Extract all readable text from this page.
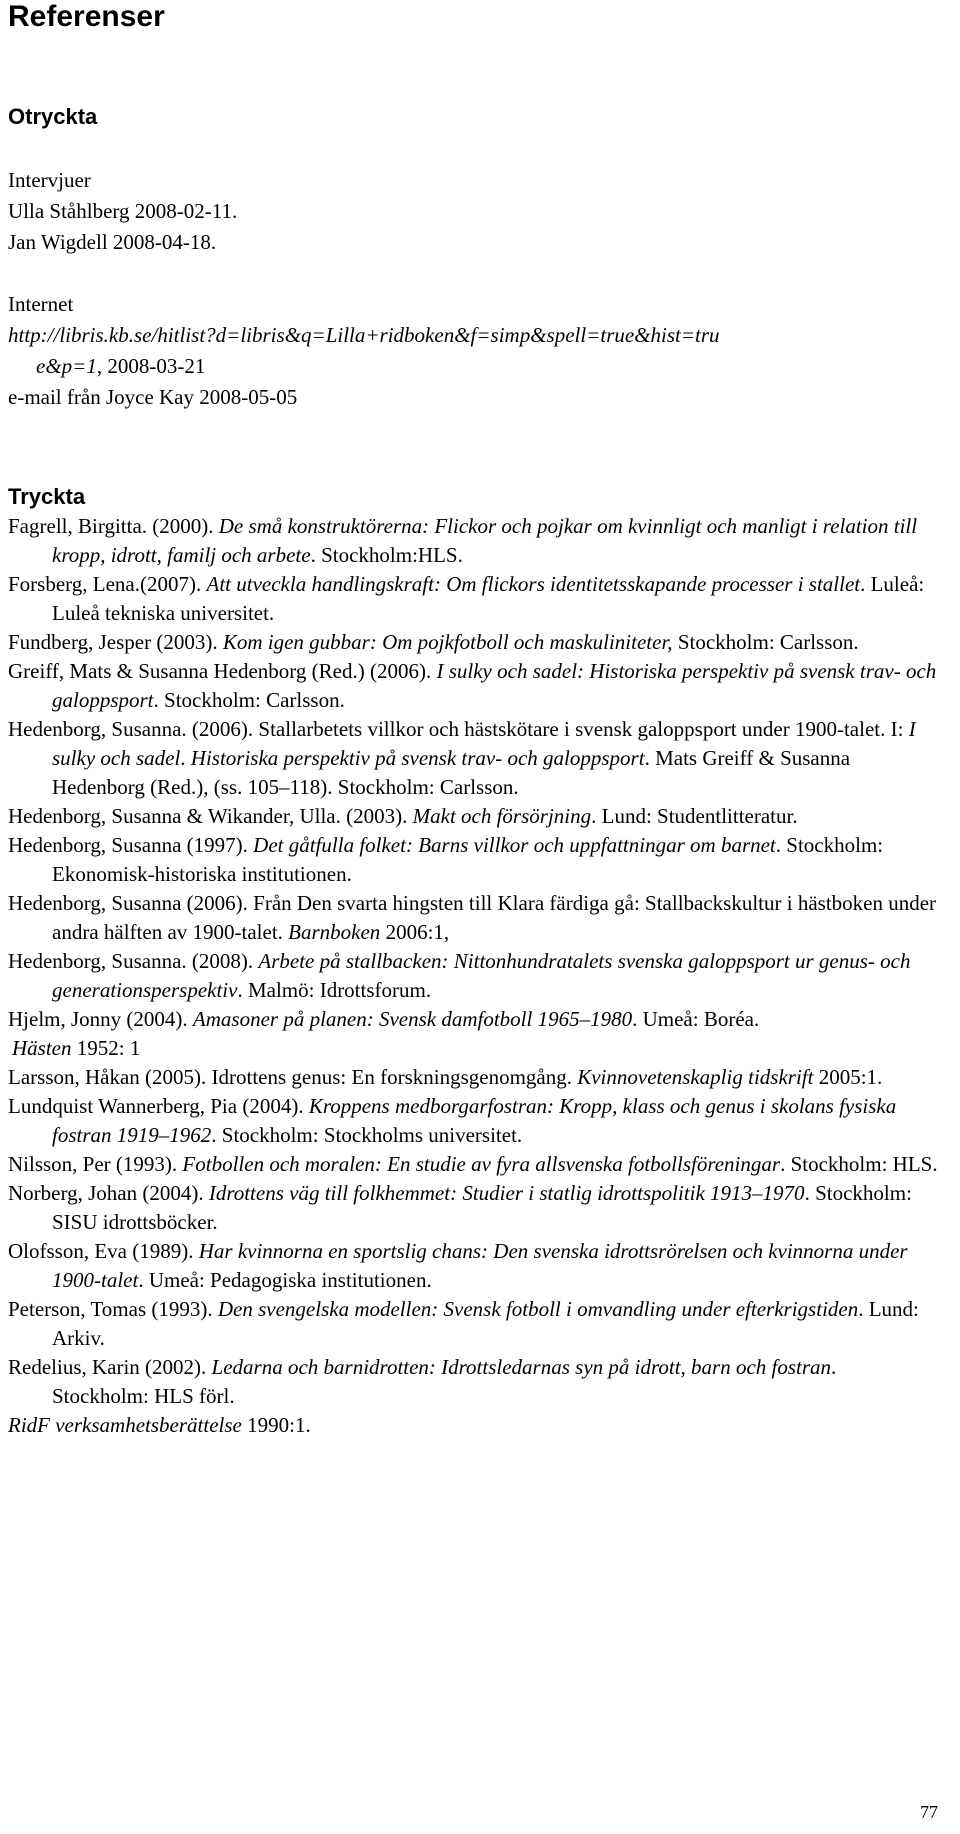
Referenser
Otryckta
Intervjuer
Ulla Ståhlberg 2008-02-11.
Jan Wigdell 2008-04-18.
Internet
http://libris.kb.se/hitlist?d=libris&q=Lilla+ridboken&f=simp&spell=true&hist=tru
e&p=1, 2008-03-21
e-mail från Joyce Kay 2008-05-05
Tryckta

Fagrell, Birgitta. (2000). De små konstruktörerna: Flickor och pojkar om kvinnligt och manligt i relation till kropp, idrott, familj och arbete. Stockholm:HLS.

Forsberg, Lena.(2007). Att utveckla handlingskraft: Om flickors identitetsskapande processer i stallet. Luleå: Luleå tekniska universitet.

Fundberg, Jesper (2003). Kom igen gubbar: Om pojkfotboll och maskuliniteter, Stockholm: Carlsson.

Greiff, Mats & Susanna Hedenborg (Red.) (2006). I sulky och sadel: Historiska perspektiv på svensk trav- och galoppsport. Stockholm: Carlsson.

Hedenborg, Susanna. (2006). Stallarbetets villkor och hästskötare i svensk galoppsport under 1900-talet. I: I sulky och sadel. Historiska perspektiv på svensk trav- och galoppsport. Mats Greiff & Susanna Hedenborg (Red.), (ss. 105–118). Stockholm: Carlsson.

Hedenborg, Susanna & Wikander, Ulla. (2003). Makt och försörjning. Lund: Studentlitteratur.

Hedenborg, Susanna (1997). Det gåtfulla folket: Barns villkor och uppfattningar om barnet. Stockholm: Ekonomisk-historiska institutionen.

Hedenborg, Susanna (2006). Från Den svarta hingsten till Klara färdiga gå: Stallbackskultur i hästboken under andra hälften av 1900-talet. Barnboken 2006:1,

Hedenborg, Susanna. (2008). Arbete på stallbacken: Nittonhundratalets svenska galoppsport ur genus- och generationsperspektiv. Malmö: Idrottsforum.

Hjelm, Jonny (2004). Amasoner på planen: Svensk damfotboll 1965–1980. Umeå: Boréa.

Hästen 1952: 1

Larsson, Håkan (2005). Idrottens genus: En forskningsgenomgång. Kvinnovetenskaplig tidskrift 2005:1.

Lundquist Wannerberg, Pia (2004). Kroppens medborgarfostran: Kropp, klass och genus i skolans fysiska fostran 1919–1962. Stockholm: Stockholms universitet.

Nilsson, Per (1993). Fotbollen och moralen: En studie av fyra allsvenska fotbollsföreningar. Stockholm: HLS.

Norberg, Johan (2004). Idrottens väg till folkhemmet: Studier i statlig idrottspolitik 1913–1970. Stockholm: SISU idrottsböcker.

Olofsson, Eva (1989). Har kvinnorna en sportslig chans: Den svenska idrottsrörelsen och kvinnorna under 1900-talet. Umeå: Pedagogiska institutionen.

Peterson, Tomas (1993). Den svengelska modellen: Svensk fotboll i omvandling under efterkrigstiden. Lund: Arkiv.

Redelius, Karin (2002). Ledarna och barnidrotten: Idrottsledarnas syn på idrott, barn och fostran. Stockholm: HLS förl.

RidF verksamhetsberättelse 1990:1.

77
